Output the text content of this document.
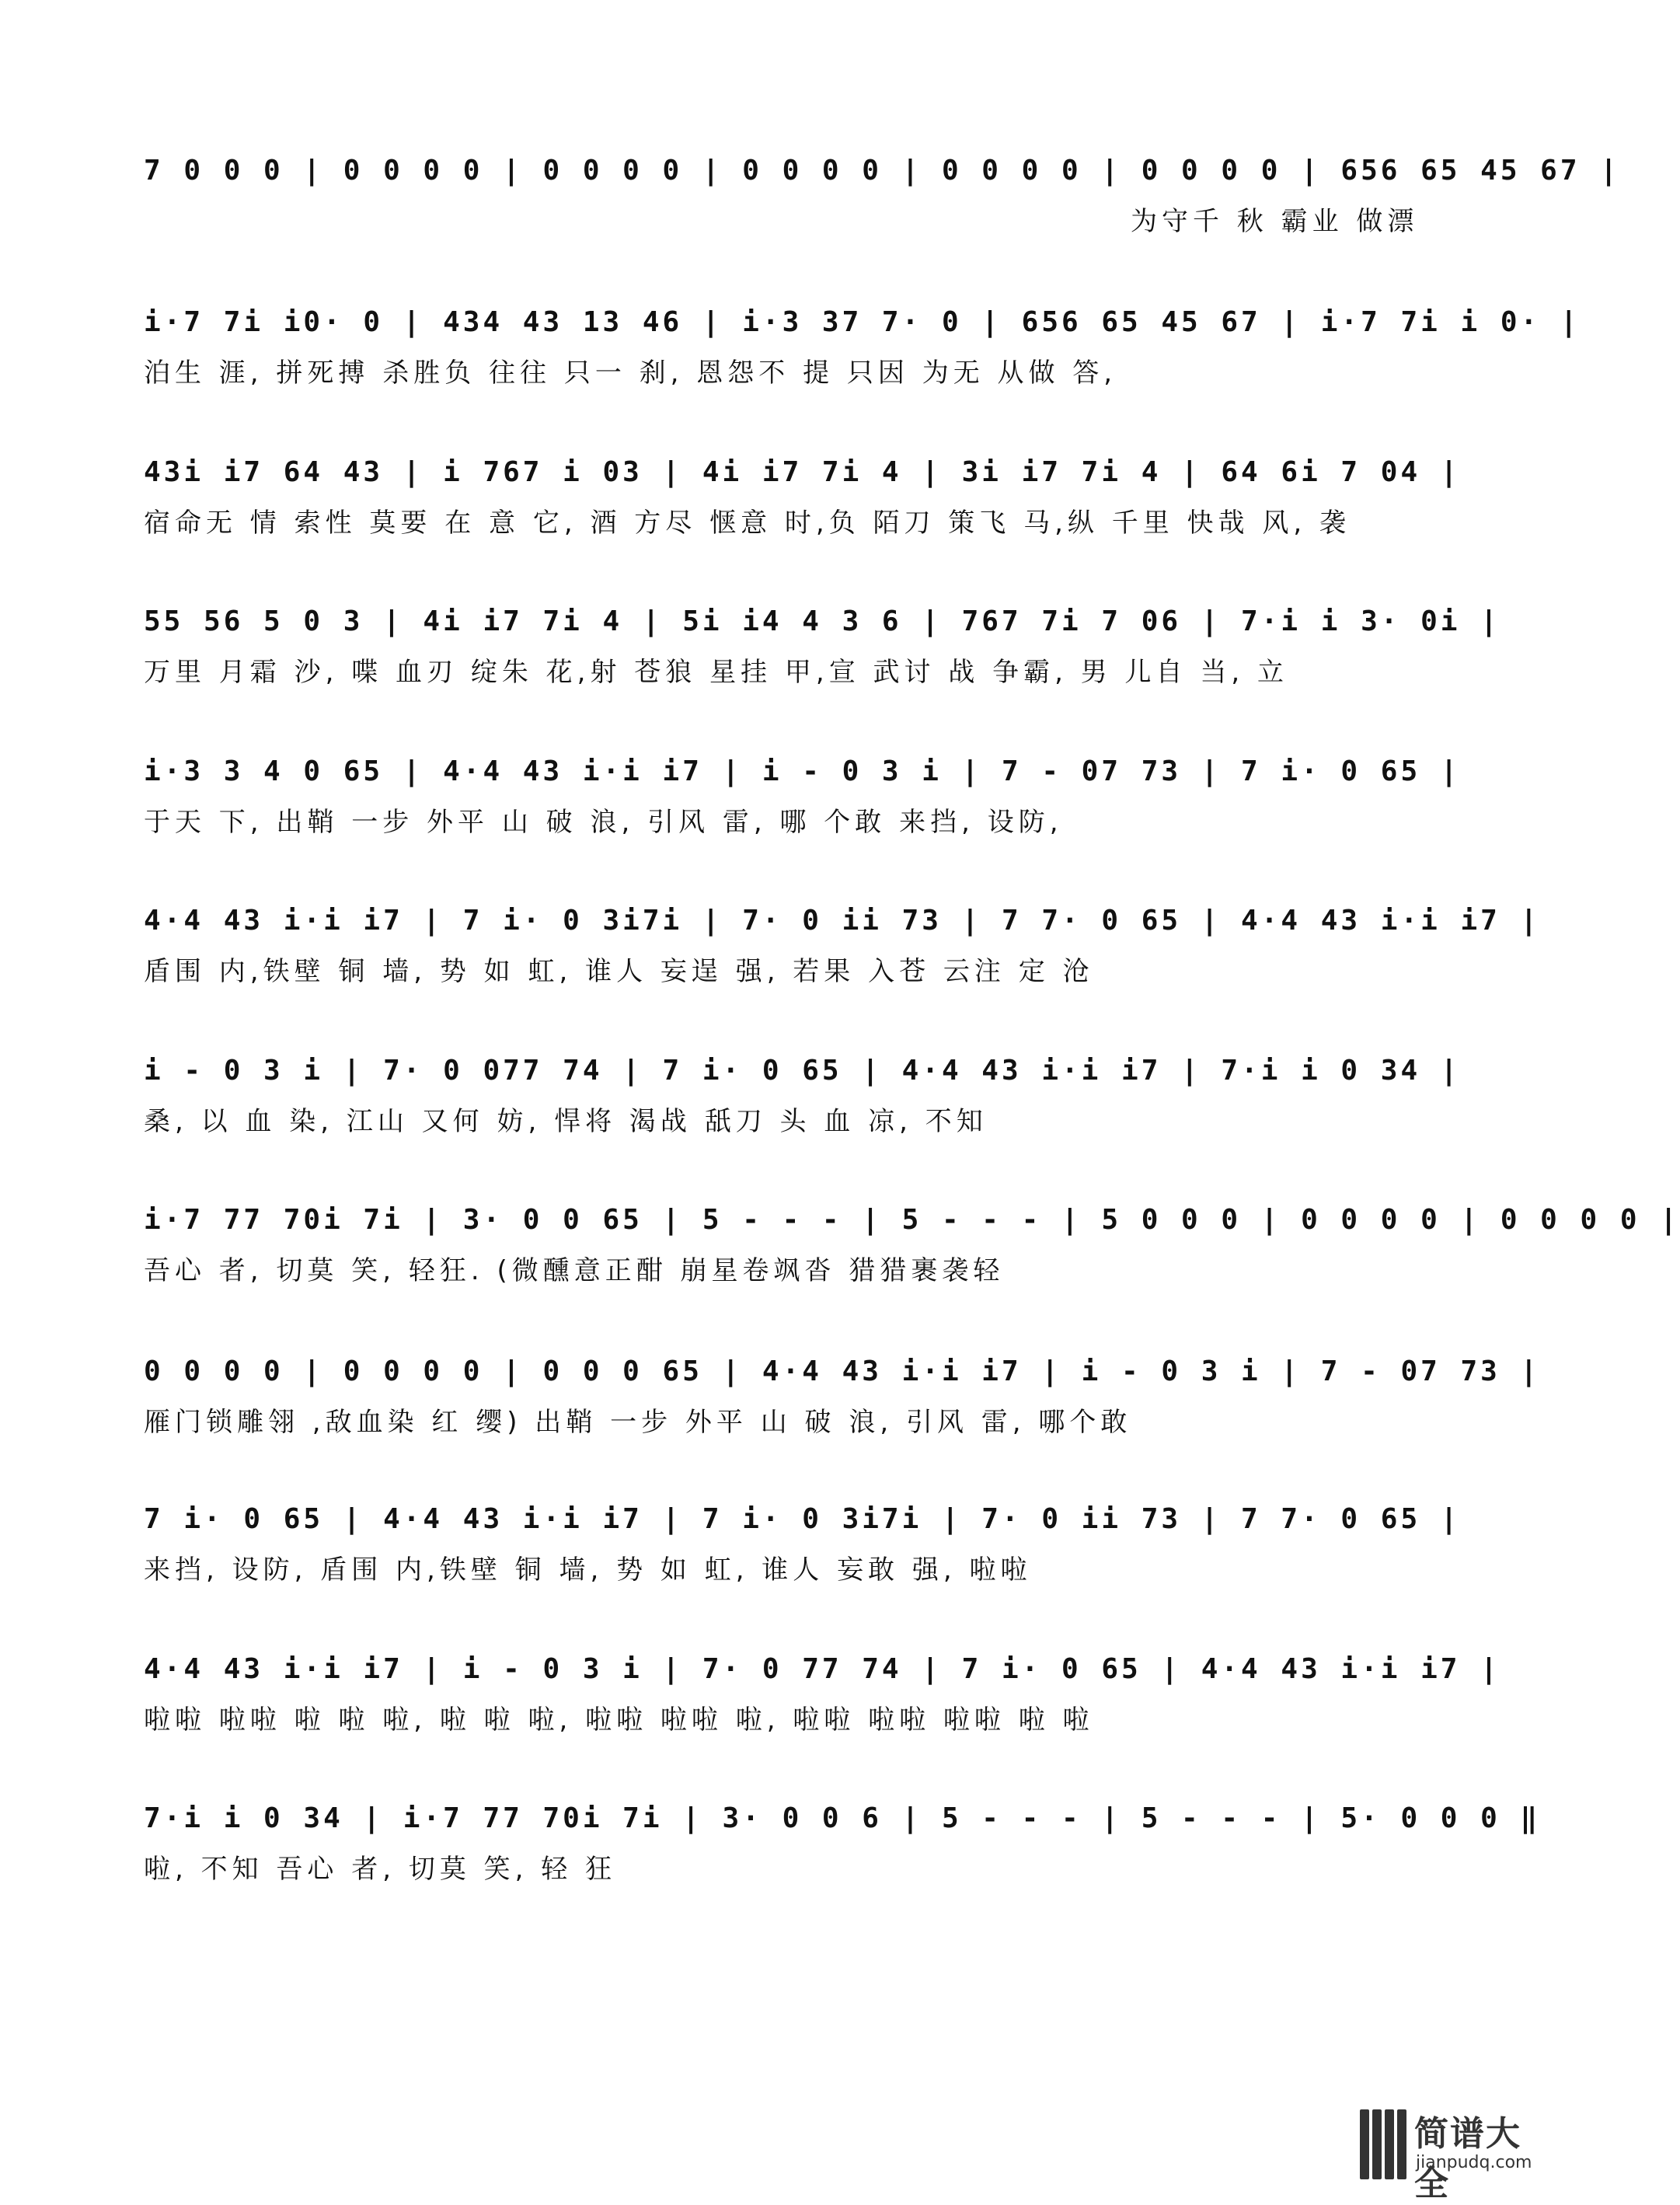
7 0 0 0 | 0 0 0 0 | 0 0 0 0 | 0 0 0 0 | 0 0 0 0 | 0 0 0 0 | 656 65 45 67 |
为守千 秋 霸业 做漂
i·7 7i i0· 0 | 434 43 13 46 | i·3 37 7· 0 | 656 65 45 67 | i·7 7i i 0· |
泊生 涯, 拼死搏 杀胜负 往往 只一 刹, 恩怨不 提 只因 为无 从做 答,
43i i7 64 43 | i 767 i 03 | 4i i7 7i 4 | 3i i7 7i 4 | 64 6i 7 04 |
宿命无 情 索性 莫要 在 意 它, 酒 方尽 惬意 时,负 陌刀 策飞 马,纵 千里 快哉 风, 袭
55 56 5 0 3 | 4i i7 7i 4 | 5i i4 4 3 6 | 767 7i 7 06 | 7·i i 3· 0i |
万里 月霜 沙, 喋 血刃 绽朱 花,射 苍狼 星挂 甲,宣 武讨 战 争霸, 男 儿自 当, 立
i·3 3 4 0 65 | 4·4 43 i·i i7 | i - 0 3 i | 7 - 07 73 | 7 i· 0 65 |
于天 下, 出鞘 一步 外平 山 破 浪, 引风 雷, 哪 个敢 来挡, 设防,
4·4 43 i·i i7 | 7 i· 0 3i7i | 7· 0 ii 73 | 7 7· 0 65 | 4·4 43 i·i i7 |
盾围 内,铁壁 铜 墙, 势 如 虹, 谁人 妄逞 强, 若果 入苍 云注 定 沧
i - 0 3 i | 7· 0 077 74 | 7 i· 0 65 | 4·4 43 i·i i7 | 7·i i 0 34 |
桑, 以 血 染, 江山 又何 妨, 悍将 渴战 舐刀 头 血 凉, 不知
i·7 77 70i 7i | 3· 0 0 65 | 5 - - - | 5 - - - | 5 0 0 0 | 0 0 0 0 | 0 0 0 0 |
吾心 者, 切莫 笑, 轻狂. (微醺意正酣 崩星卷飒沓 猎猎裹袭轻
0 0 0 0 | 0 0 0 0 | 0 0 0 65 | 4·4 43 i·i i7 | i - 0 3 i | 7 - 07 73 |
雁门锁雕翎 ,敌血染 红 缨) 出鞘 一步 外平 山 破 浪, 引风 雷, 哪个敢
7 i· 0 65 | 4·4 43 i·i i7 | 7 i· 0 3i7i | 7· 0 ii 73 | 7 7· 0 65 |
来挡, 设防, 盾围 内,铁壁 铜 墙, 势 如 虹, 谁人 妄敢 强, 啦啦
4·4 43 i·i i7 | i - 0 3 i | 7· 0 77 74 | 7 i· 0 65 | 4·4 43 i·i i7 |
啦啦 啦啦 啦 啦 啦, 啦 啦 啦, 啦啦 啦啦 啦, 啦啦 啦啦 啦啦 啦 啦
7·i i 0 34 | i·7 77 70i 7i | 3· 0 0 6 | 5 - - - | 5 - - - | 5· 0 0 0 ‖
啦, 不知 吾心 者, 切莫 笑, 轻 狂
简谱大全
jianpudq.com
